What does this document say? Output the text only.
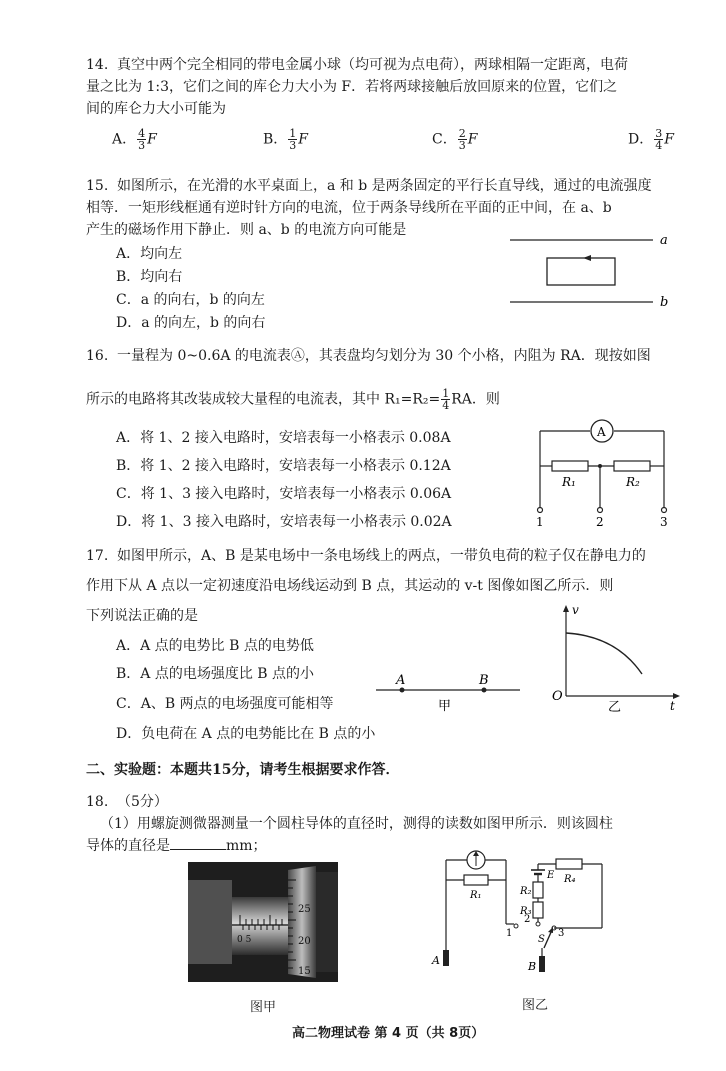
14. 真空中两个完全相同的带电金属小球（均可视为点电荷），两球相隔一定距离，电荷
量之比为 1:3，它们之间的库仑力大小为 F．若将两球接触后放回原来的位置，它们之
间的库仑力大小可能为
A． $\frac{4}{3}$ F	B． $\frac{1}{3}$ F	C． $\frac{2}{3}$ F	D． $\frac{3}{4}$ F
15. 如图所示，在光滑的水平桌面上，a 和 b 是两条固定的平行长直导线，通过的电流强度
相等．一矩形线框通有逆时针方向的电流，位于两条导线所在平面的正中间，在 a、b
产生的磁场作用下静止．则 a、b 的电流方向可能是
A．均向左
B．均向右
C．a 的向右，b 的向左
D．a 的向左，b 的向右
a
b
16. 一量程为 0~0.6A 的电流表Ⓐ，其表盘均匀划分为 30 个小格，内阻为 RA．现按如图
所示的电路将其改装成较大量程的电流表，其中 $R_1=R_2= \frac{1}{4}$ RA．则
A．将 1、2 接入电路时，安培表每一小格表示 0.08A
B．将 1、2 接入电路时，安培表每一小格表示 0.12A
C．将 1、3 接入电路时，安培表每一小格表示 0.06A
D．将 1、3 接入电路时，安培表每一小格表示 0.02A
A
R₁	R₂
1	2	3
17. 如图甲所示，A、B 是某电场中一条电场线上的两点，一带负电荷的粒子仅在静电力的
作用下从 A 点以一定初速度沿电场线运动到 B 点，其运动的 v-t 图像如图乙所示．则
下列说法正确的是
A．A 点的电势比 B 点的电势低
B．A 点的电场强度比 B 点的小
C．A、B 两点的电场强度可能相等
D．负电荷在 A 点的电势能比在 B 点的小
A	B
甲
v
t
O
乙
二、实验题：本题共15分，请考生根据要求作答．
18. （5分）
（1）用螺旋测微器测量一个圆柱导体的直径时，测得的读数如图甲所示．则该圆柱
导体的直径是	mm；
0 5
25
20
15
图甲
R₁
R₄
E
R₂
R₃
1
2
3
S
A	B
图乙
高二物理试卷 第 4 页（共 8页）
